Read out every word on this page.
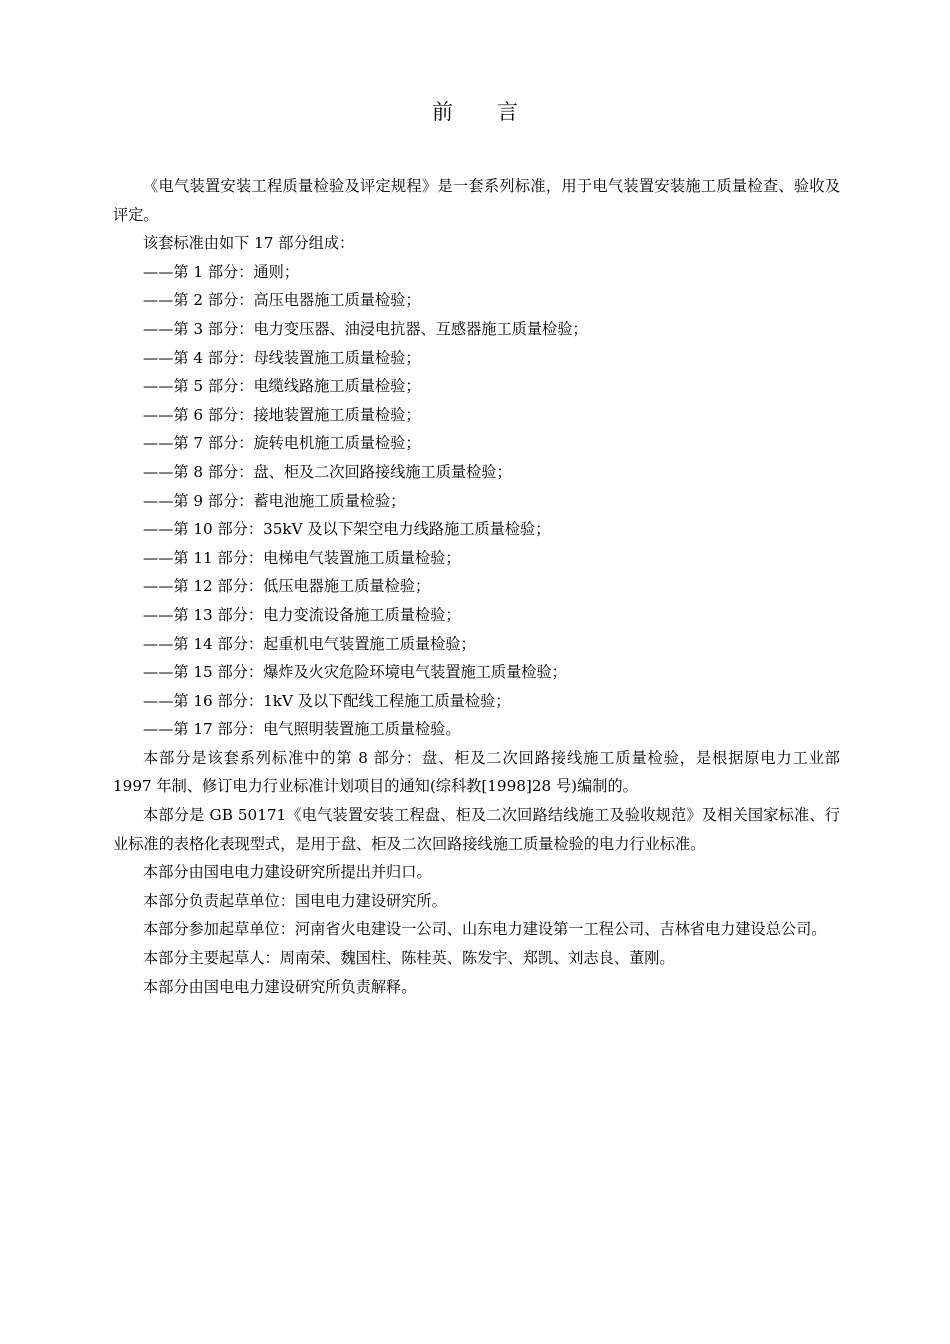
前言

《电气装置安装工程质量检验及评定规程》是一套系列标准，用于电气装置安装施工质量检查、验收及评定。

该套标准由如下 17 部分组成：

——第 1 部分：通则；

——第 2 部分：高压电器施工质量检验；

——第 3 部分：电力变压器、油浸电抗器、互感器施工质量检验；

——第 4 部分：母线装置施工质量检验；

——第 5 部分：电缆线路施工质量检验；

——第 6 部分：接地装置施工质量检验；

——第 7 部分：旋转电机施工质量检验；

——第 8 部分：盘、柜及二次回路接线施工质量检验；

——第 9 部分：蓄电池施工质量检验；

——第 10 部分：35kV 及以下架空电力线路施工质量检验；

——第 11 部分：电梯电气装置施工质量检验；

——第 12 部分：低压电器施工质量检验；

——第 13 部分：电力变流设备施工质量检验；

——第 14 部分：起重机电气装置施工质量检验；

——第 15 部分：爆炸及火灾危险环境电气装置施工质量检验；

——第 16 部分：1kV 及以下配线工程施工质量检验；

——第 17 部分：电气照明装置施工质量检验。

本部分是该套系列标准中的第 8 部分：盘、柜及二次回路接线施工质量检验，是根据原电力工业部 1997 年制、修订电力行业标准计划项目的通知(综科教[1998]28 号)编制的。

本部分是 GB 50171《电气装置安装工程盘、柜及二次回路结线施工及验收规范》及相关国家标准、行业标准的表格化表现型式，是用于盘、柜及二次回路接线施工质量检验的电力行业标准。

本部分由国电电力建设研究所提出并归口。

本部分负责起草单位：国电电力建设研究所。

本部分参加起草单位：河南省火电建设一公司、山东电力建设第一工程公司、吉林省电力建设总公司。

本部分主要起草人：周南荣、魏国柱、陈桂英、陈发宇、郑凯、刘志良、董刚。

本部分由国电电力建设研究所负责解释。
